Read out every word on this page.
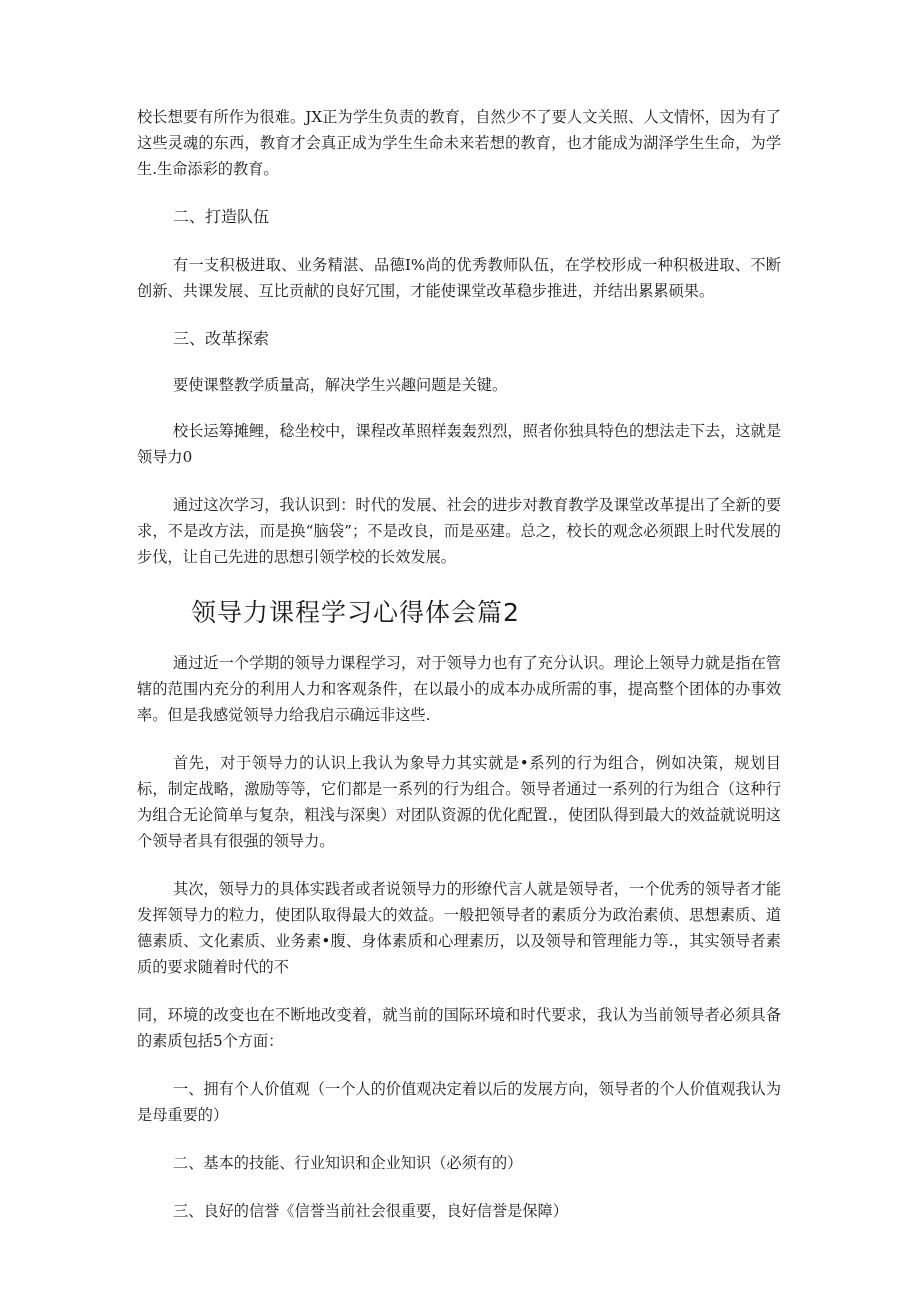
校长想要有所作为很难。JX正为学生负责的教育，自然少不了要人文关照、人文情怀，因为有了这些灵魂的东西，教育才会真正成为学生生命未来若想的教育，也才能成为湖泽学生生命，为学生.生命添彩的教育。

二、打造队伍

有一支积极进取、业务精湛、品德I%尚的优秀教师队伍，在学校形成一种积极进取、不断创新、共课发展、互比贡献的良好冗围，才能使课堂改革稳步推进，并结出累累硕果。

三、改革探索

要使课整教学质量高，解决学生兴趣问题是关键。

校长运筹摊鲤，稔坐校中，课程改革照样轰轰烈烈，照者你独具特色的想法走下去，这就是领导力0

通过这次学习，我认识到：时代的发展、社会的进步对教育教学及课堂改革提出了全新的要求，不是改方法，而是换“脑袋”；不是改良，而是巫建。总之，校长的观念必须跟上时代发展的步伐，让自己先进的思想引领学校的长效发展。

领导力课程学习心得体会篇2

通过近一个学期的领导力课程学习，对于领导力也有了充分认识。理论上领导力就是指在管辖的范围内充分的利用人力和客观条件，在以最小的成本办成所需的事，提高整个团体的办事效率。但是我感觉领导力给我启示确远非这些.

首先，对于领导力的认识上我认为象导力其实就是•系列的行为组合，例如决策，规划目标，制定战略，激励等等，它们都是一系列的行为组合。领导者通过一系列的行为组合（这种行为组合无论简单与复杂，粗浅与深奥）对团队资源的优化配置.，使团队得到最大的效益就说明这个领导者具有很强的领导力。

其次，领导力的具体实践者或者说领导力的形缭代言人就是领导者，一个优秀的领导者才能发挥领导力的粒力，使团队取得最大的效益。一般把领导者的素质分为政治素侦、思想素质、道德素质、文化素质、业务素•腹、身体素质和心理素历，以及领导和管理能力等.，其实领导者素质的要求随着时代的不

同，环境的改变也在不断地改变着，就当前的国际环境和时代要求，我认为当前领导者必须具备的素质包括5个方面：

一、拥有个人价值观（一个人的价值观决定着以后的发展方向，领导者的个人价值观我认为是母重要的）

二、基本的技能、行业知识和企业知识（必须有的）

三、良好的信誉《信誉当前社会很重要，良好信誉是保障）
